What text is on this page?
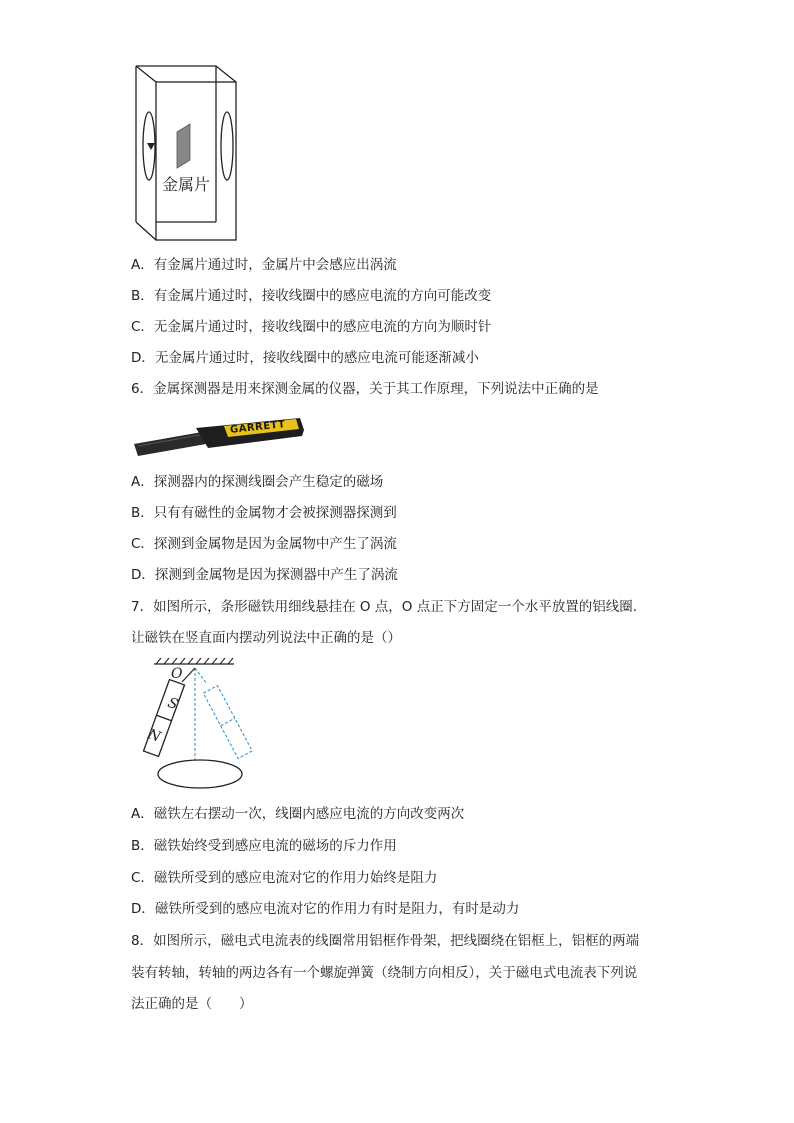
金属片
A．有金属片通过时，金属片中会感应出涡流
B．有金属片通过时，接收线圈中的感应电流的方向可能改变
C．无金属片通过时，接收线圈中的感应电流的方向为顺时针
D．无金属片通过时，接收线圈中的感应电流可能逐渐减小
6．金属探测器是用来探测金属的仪器，关于其工作原理，下列说法中正确的是
GARRETT
A．探测器内的探测线圈会产生稳定的磁场
B．只有有磁性的金属物才会被探测器探测到
C．探测到金属物是因为金属物中产生了涡流
D．探测到金属物是因为探测器中产生了涡流
7．如图所示，条形磁铁用细线悬挂在 O 点，O 点正下方固定一个水平放置的铝线圈.
让磁铁在竖直面内摆动列说法中正确的是（）
O
S
N
A．磁铁左右摆动一次，线圈内感应电流的方向改变两次
B．磁铁始终受到感应电流的磁场的斥力作用
C．磁铁所受到的感应电流对它的作用力始终是阻力
D．磁铁所受到的感应电流对它的作用力有时是阻力，有时是动力
8．如图所示，磁电式电流表的线圈常用铝框作骨架，把线圈绕在铝框上，铝框的两端
装有转轴，转轴的两边各有一个螺旋弹簧（绕制方向相反），关于磁电式电流表下列说
法正确的是（　　）
